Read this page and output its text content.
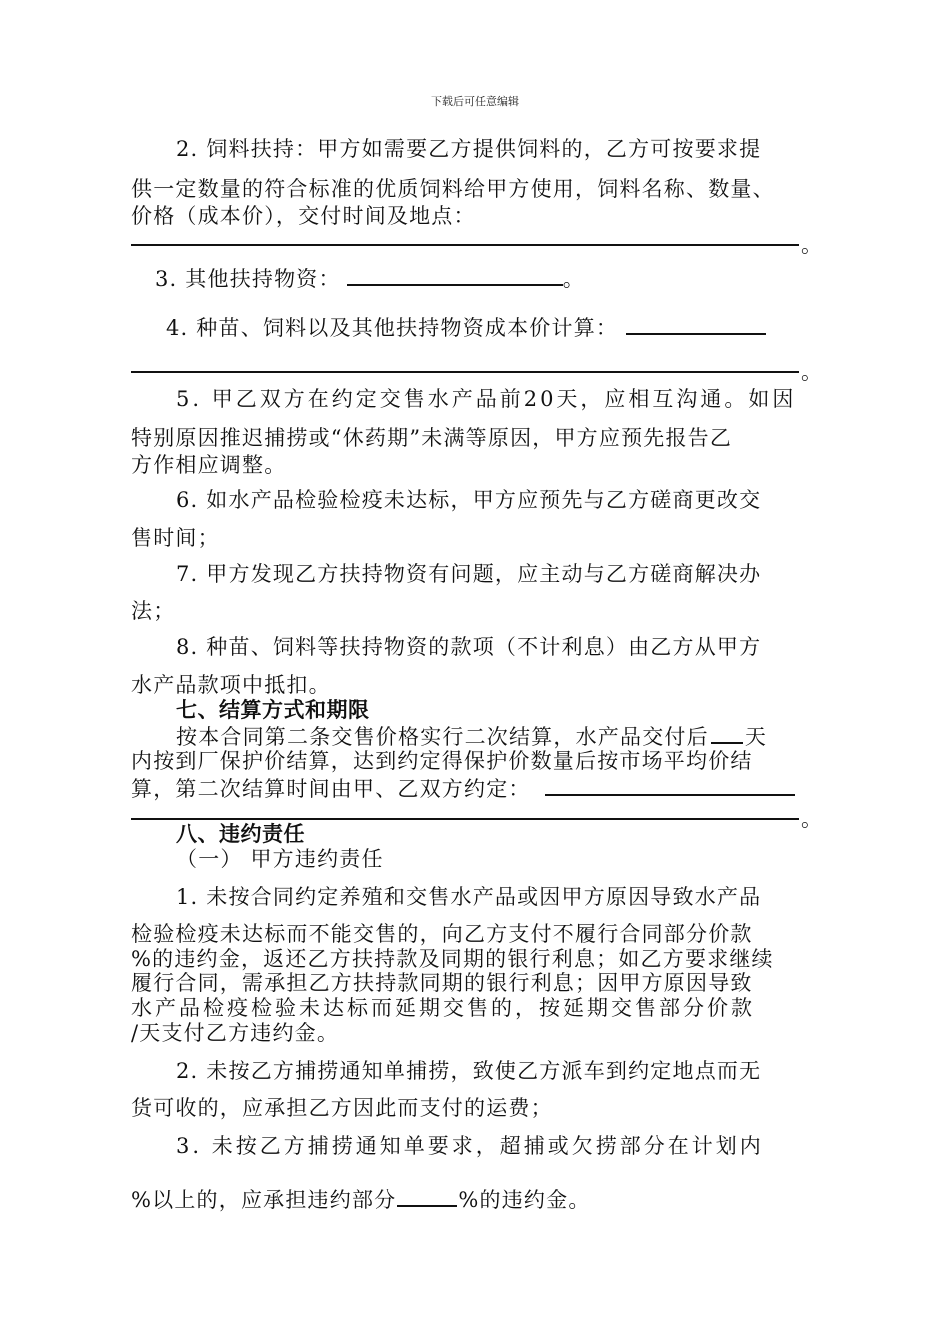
下载后可任意编辑
2. 饲料扶持：甲方如需要乙方提供饲料的，乙方可按要求提
供一定数量的符合标准的优质饲料给甲方使用，饲料名称、数量、
价格（成本价），交付时间及地点：
。
3. 其他扶持物资：	。
4. 种苗、饲料以及其他扶持物资成本价计算：
。
5. 甲乙双方在约定交售水产品前20天，应相互沟通。如因
特别原因推迟捕捞或“休药期”未满等原因，甲方应预先报告乙
方作相应调整。
6. 如水产品检验检疫未达标，甲方应预先与乙方磋商更改交
售时间；
7. 甲方发现乙方扶持物资有问题，应主动与乙方磋商解决办
法；
8. 种苗、饲料等扶持物资的款项（不计利息）由乙方从甲方
水产品款项中抵扣。
七、结算方式和期限
按本合同第二条交售价格实行二次结算，水产品交付后 天
内按到厂保护价结算，达到约定得保护价数量后按市场平均价结
算，第二次结算时间由甲、乙双方约定：
。
八、违约责任
（一） 甲方违约责任
1. 未按合同约定养殖和交售水产品或因甲方原因导致水产品
检验检疫未达标而不能交售的，向乙方支付不履行合同部分价款
%的违约金，返还乙方扶持款及同期的银行利息；如乙方要求继续
履行合同，需承担乙方扶持款同期的银行利息；因甲方原因导致
水产品检疫检验未达标而延期交售的，按延期交售部分价款
/天支付乙方违约金。
2. 未按乙方捕捞通知单捕捞，致使乙方派车到约定地点而无
货可收的，应承担乙方因此而支付的运费；
3. 未按乙方捕捞通知单要求，超捕或欠捞部分在计划内
%以上的，应承担违约部分	%的违约金。
